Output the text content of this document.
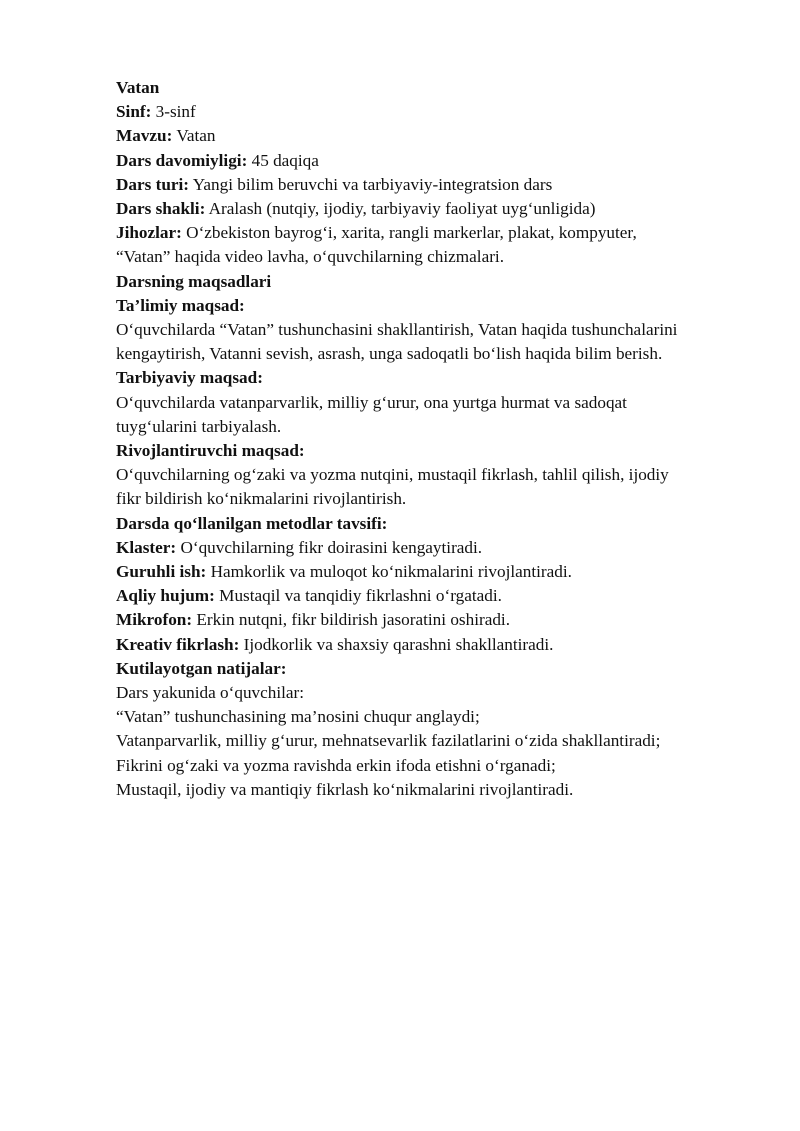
Vatan
Sinf: 3-sinf
Mavzu: Vatan
Dars davomiyligi: 45 daqiqa
Dars turi: Yangi bilim beruvchi va tarbiyaviy-integratsion dars
Dars shakli: Aralash (nutqiy, ijodiy, tarbiyaviy faoliyat uyg‘unligida)
Jihozlar: O‘zbekiston bayrog‘i, xarita, rangli markerlar, plakat, kompyuter,
“Vatan” haqida video lavha, o‘quvchilarning chizmalari.
Darsning maqsadlari
Ta’limiy maqsad:
O‘quvchilarda “Vatan” tushunchasini shakllantirish, Vatan haqida tushunchalarini
kengaytirish, Vatanni sevish, asrash, unga sadoqatli bo‘lish haqida bilim berish.
Tarbiyaviy maqsad:
O‘quvchilarda vatanparvarlik, milliy g‘urur, ona yurtga hurmat va sadoqat
tuyg‘ularini tarbiyalash.
Rivojlantiruvchi maqsad:
O‘quvchilarning og‘zaki va yozma nutqini, mustaqil fikrlash, tahlil qilish, ijodiy
fikr bildirish ko‘nikmalarini rivojlantirish.
Darsda qo‘llanilgan metodlar tavsifi:
Klaster: O‘quvchilarning fikr doirasini kengaytiradi.
Guruhli ish: Hamkorlik va muloqot ko‘nikmalarini rivojlantiradi.
Aqliy hujum: Mustaqil va tanqidiy fikrlashni o‘rgatadi.
Mikrofon: Erkin nutqni, fikr bildirish jasoratini oshiradi.
Kreativ fikrlash: Ijodkorlik va shaxsiy qarashni shakllantiradi.
Kutilayotgan natijalar:
Dars yakunida o‘quvchilar:
“Vatan” tushunchasining ma’nosini chuqur anglaydi;
Vatanparvarlik, milliy g‘urur, mehnatsevarlik fazilatlarini o‘zida shakllantiradi;
Fikrini og‘zaki va yozma ravishda erkin ifoda etishni o‘rganadi;
Mustaqil, ijodiy va mantiqiy fikrlash ko‘nikmalarini rivojlantiradi.
